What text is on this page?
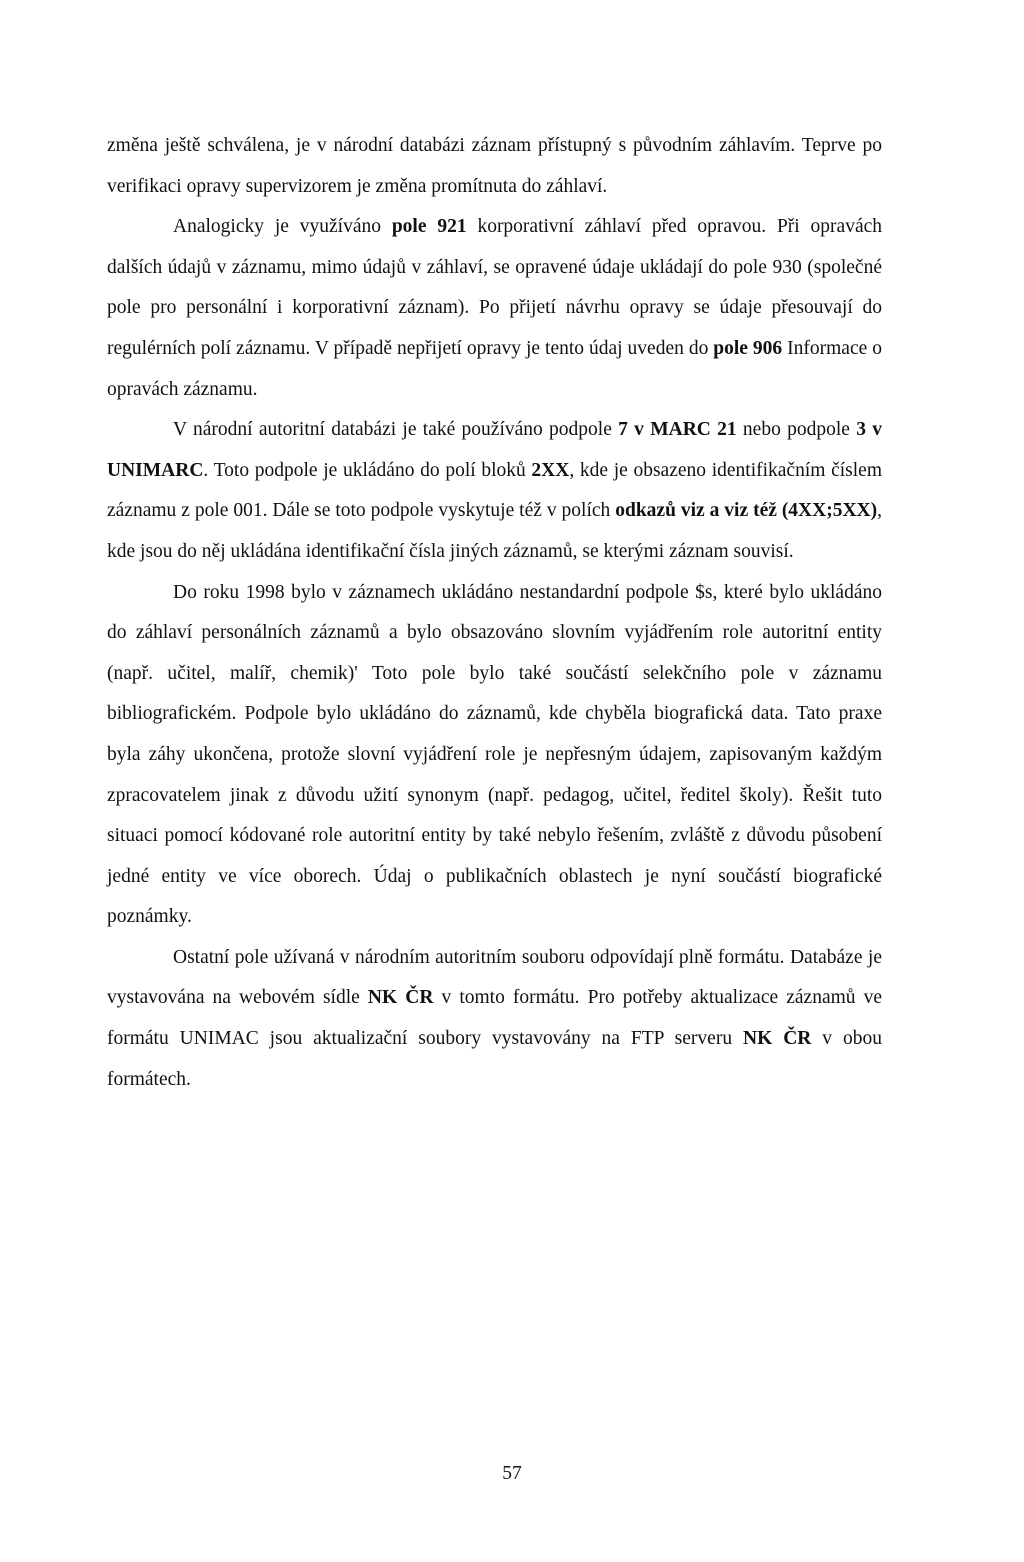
změna ještě schválena, je v národní databázi záznam přístupný s původním záhlavím. Teprve po verifikaci opravy supervizorem je změna promítnuta do záhlaví.

Analogicky je využíváno pole 921 korporativní záhlaví před opravou. Při opravách dalších údajů v záznamu, mimo údajů v záhlaví, se opravené údaje ukládají do pole 930 (společné pole pro personální i korporativní záznam). Po přijetí návrhu opravy se údaje přesouvají do regulérních polí záznamu. V případě nepřijetí opravy je tento údaj uveden do pole 906 Informace o opravách záznamu.

V národní autoritní databázi je také používáno podpole 7 v MARC 21 nebo podpole 3 v UNIMARC. Toto podpole je ukládáno do polí bloků 2XX, kde je obsazeno identifikačním číslem záznamu z pole 001. Dále se toto podpole vyskytuje též v polích odkazů viz a viz též (4XX;5XX), kde jsou do něj ukládána identifikační čísla jiných záznamů, se kterými záznam souvisí.

Do roku 1998 bylo v záznamech ukládáno nestandardní podpole $s, které bylo ukládáno do záhlaví personálních záznamů a bylo obsazováno slovním vyjádřením role autoritní entity (např. učitel, malíř, chemik)' Toto pole bylo také součástí selekčního pole v záznamu bibliografickém. Podpole bylo ukládáno do záznamů, kde chyběla biografická data. Tato praxe byla záhy ukončena, protože slovní vyjádření role je nepřesným údajem, zapisovaným každým zpracovatelem jinak z důvodu užití synonym (např. pedagog, učitel, ředitel školy). Řešit tuto situaci pomocí kódované role autoritní entity by také nebylo řešením, zvláště z důvodu působení jedné entity ve více oborech. Údaj o publikačních oblastech je nyní součástí biografické poznámky.

Ostatní pole užívaná v národním autoritním souboru odpovídají plně formátu. Databáze je vystavována na webovém sídle NK ČR v tomto formátu. Pro potřeby aktualizace záznamů ve formátu UNIMAC jsou aktualizační soubory vystavovány na FTP serveru NK ČR v obou formátech.

57
